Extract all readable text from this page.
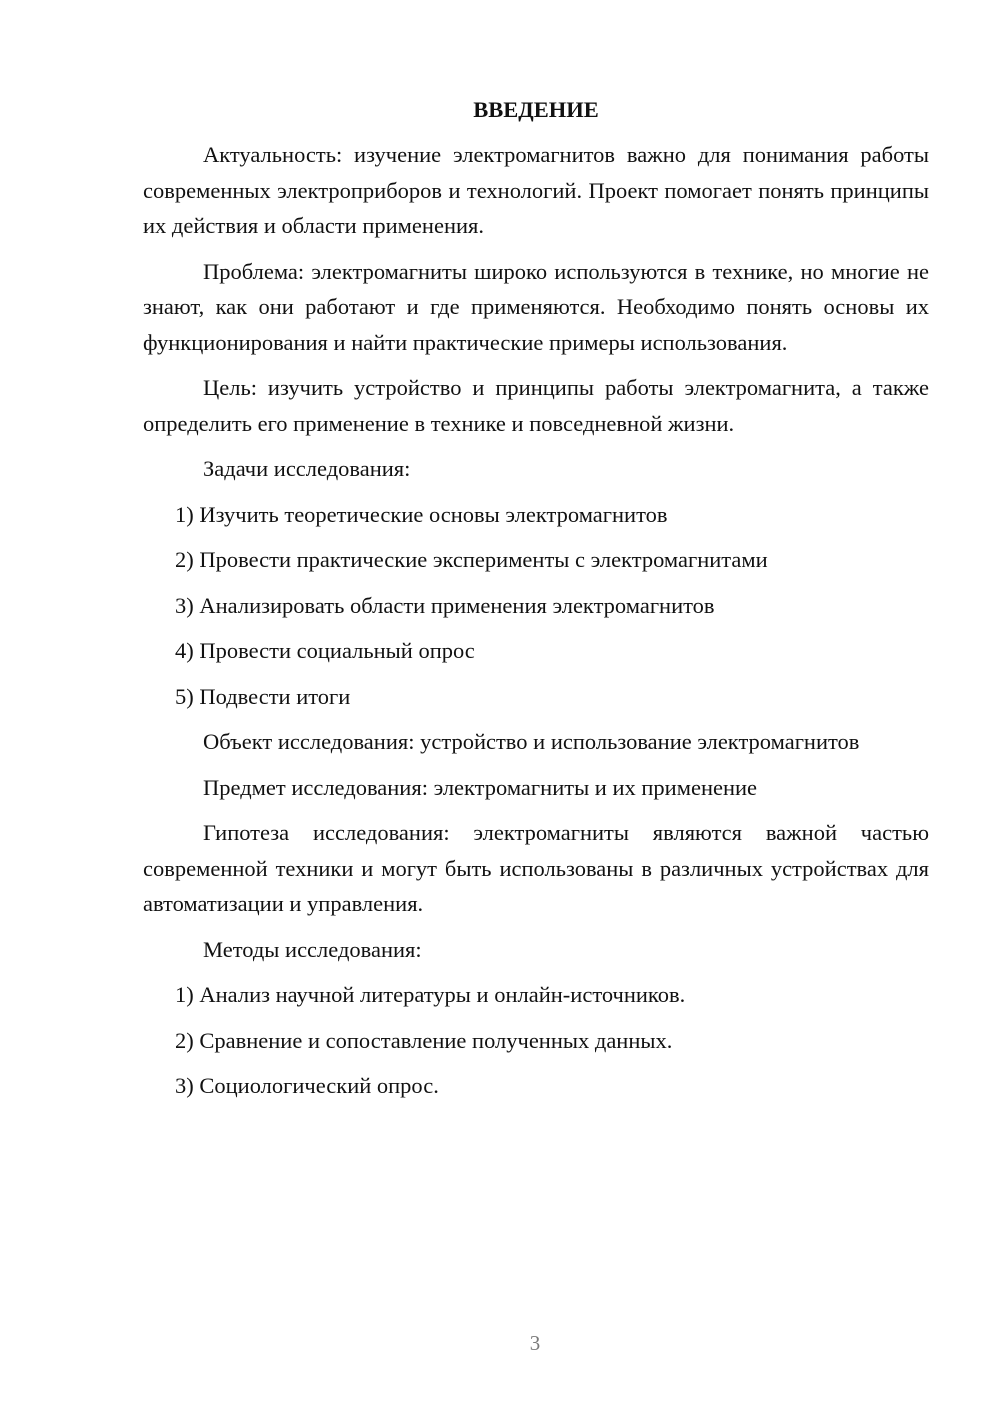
ВВЕДЕНИЕ

Актуальность: изучение электромагнитов важно для понимания работы современных электроприборов и технологий. Проект помогает понять принципы их действия и области применения.

Проблема: электромагниты широко используются в технике, но многие не знают, как они работают и где применяются. Необходимо понять основы их функционирования и найти практические примеры использования.

Цель: изучить устройство и принципы работы электромагнита, а также определить его применение в технике и повседневной жизни.

Задачи исследования:

1) Изучить теоретические основы электромагнитов

2) Провести практические эксперименты с электромагнитами

3) Анализировать области применения электромагнитов

4) Провести социальный опрос

5) Подвести итоги

Объект исследования: устройство и использование электромагнитов

Предмет исследования: электромагниты и их применение

Гипотеза исследования: электромагниты являются важной частью современной техники и могут быть использованы в различных устройствах для автоматизации и управления.

Методы исследования:

1) Анализ научной литературы и онлайн-источников.

2) Сравнение и сопоставление полученных данных.

3) Социологический опрос.

3
